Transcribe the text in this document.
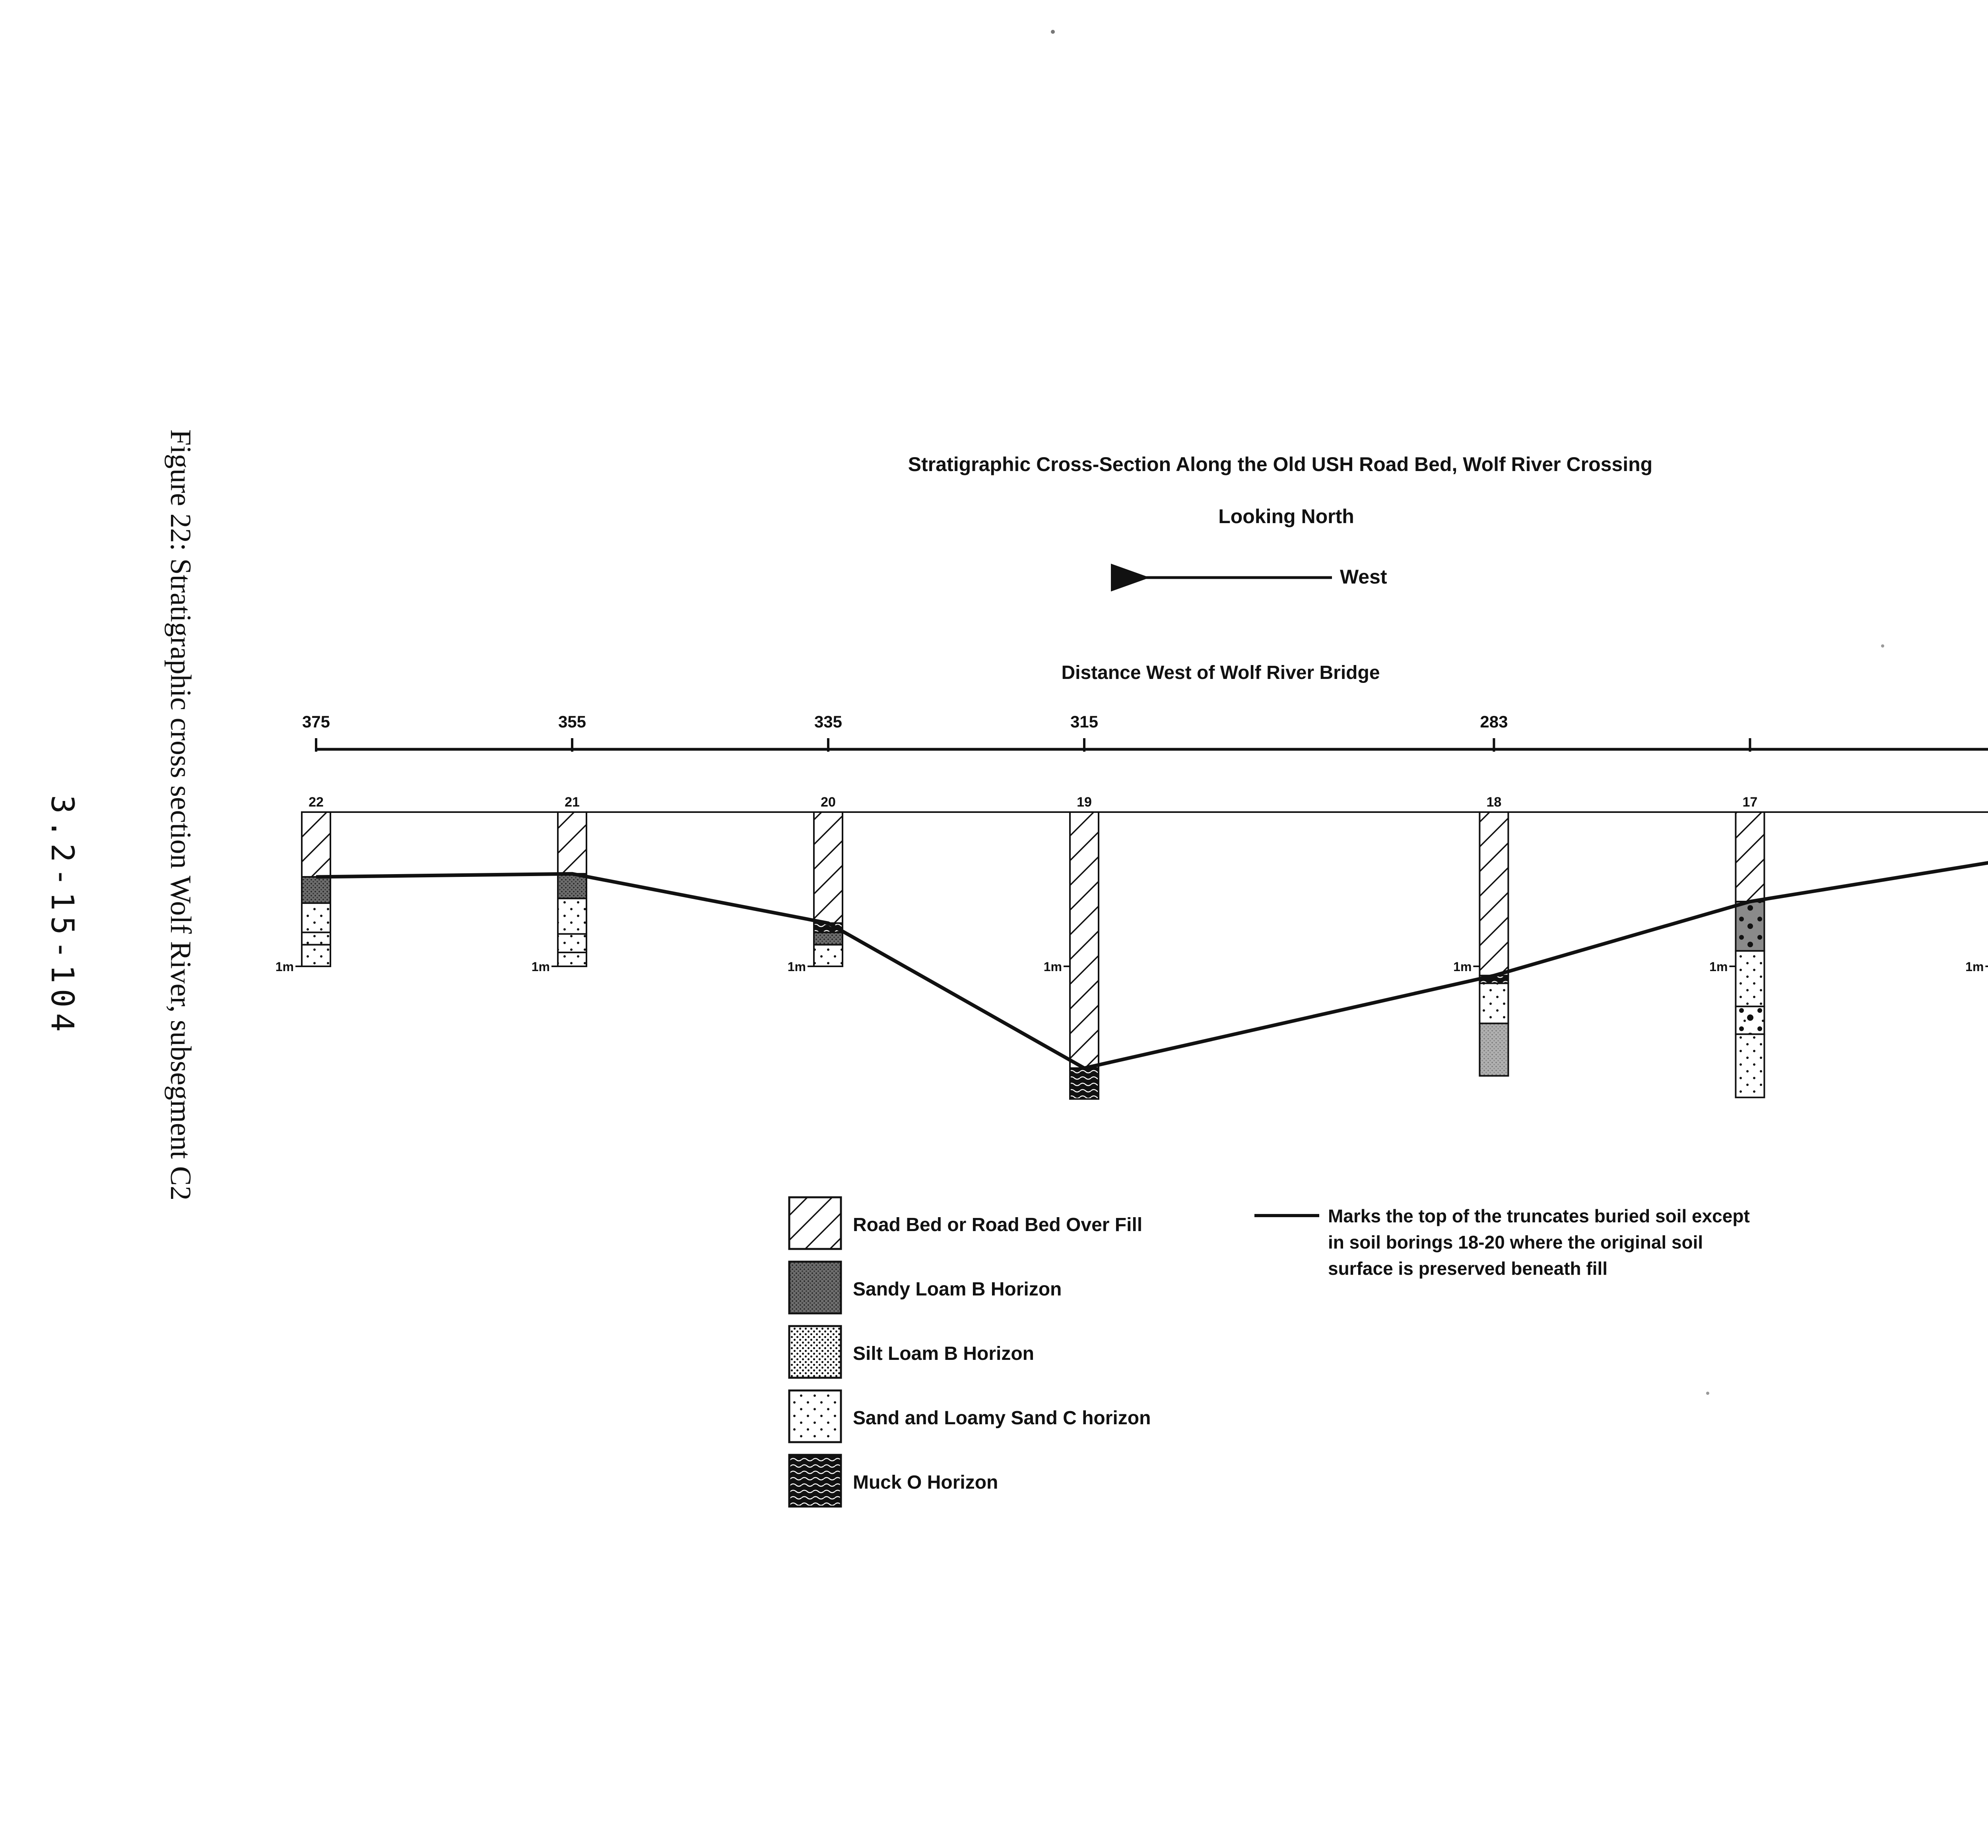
Stratigraphic Cross-Section Along the Old USH Road Bed, Wolf River Crossing
Looking North
West
Distance West of Wolf River Bridge
375	355	335	315	283
22
1m
21
1m
20
1m
19
1m
18
1m
17
1m	1m
Road Bed or Road Bed Over Fill
Sandy Loam B Horizon
Silt Loam B Horizon
Sand and Loamy Sand C horizon
Muck O Horizon
Marks the top of the truncates buried soil except in soil borings 18-20 where the original soil surface is preserved beneath fill
Figure 22: Stratigraphic cross section Wolf River, subsegment C2
3.2-15-104
